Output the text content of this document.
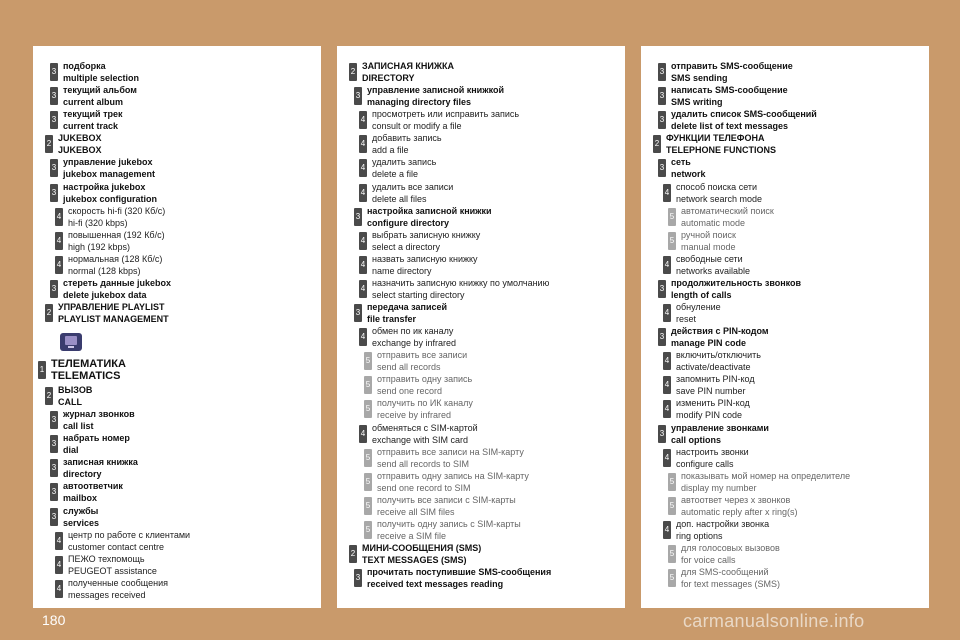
3
подборка
multiple selection
3
текущий альбом
current album
3
текущий трек
current track
2
JUKEBOX
JUKEBOX
3
управление jukebox
jukebox management
3
настройка jukebox
jukebox configuration
4
скорость hi-fi (320 Кб/с)
hi-fi (320 kbps)
4
повышенная (192 Кб/с)
high (192 kbps)
4
нормальная (128 Кб/с)
normal (128 kbps)
3
стереть данные jukebox
delete jukebox data
2
УПРАВЛЕНИЕ PLAYLIST
PLAYLIST MANAGEMENT
1 ТЕЛЕМАТИКА
TELEMATICS
2
ВЫЗОВ
CALL
3
журнал звонков
call list
3
набрать номер
dial
3
записная книжка
directory
3
автоответчик
mailbox
3
службы
services
4
центр по работе с клиентами
customer contact centre
4
ПЕЖО техпомощь
PEUGEOT assistance
4
полученные сообщения
messages received
2
ЗАПИСНАЯ КНИЖКА
DIRECTORY
3
управление записной книжкой
managing directory files
4
просмотреть или исправить запись
consult or modify a file
4
добавить запись
add a file
4
удалить запись
delete a file
4
удалить все записи
delete all files
3
настройка записной книжки
configure directory
4
выбрать записную книжку
select a directory
4
назвать записную книжку
name directory
4
назначить записную книжку по умолчанию
select starting directory
3
передача записей
file transfer
4
обмен по ик каналу
exchange by infrared
5
отправить все записи
send all records
5
отправить одну запись
send one record
5
получить по ИК каналу
receive by infrared
4
обменяться с SIM-картой
exchange with SIM card
5
отправить все записи на SIM-карту
send all records to SIM
5
отправить одну запись на SIM-карту
send one record to SIM
5
получить все записи с SIM-карты
receive all SIM files
5
получить одну запись с SIM-карты
receive a SIM file
2
МИНИ-СООБЩЕНИЯ (SMS)
TEXT MESSAGES (SMS)
3
прочитать поступившие SMS-сообщения
received text messages reading
3
отправить SMS-сообщение
SMS sending
3
написать SMS-сообщение
SMS writing
3
удалить список SMS-сообщений
delete list of text messages
2
ФУНКЦИИ ТЕЛЕФОНА
TELEPHONE FUNCTIONS
3
сеть
network
4
способ поиска сети
network search mode
5
автоматический поиск
automatic mode
5
ручной поиск
manual mode
4
свободные сети
networks available
3
продолжительность звонков
length of calls
4
обнуление
reset
3
действия с PIN-кодом
manage PIN code
4
включить/отключить
activate/deactivate
4
запомнить PIN-код
save PIN number
4
изменить PIN-код
modify PIN code
3
управление звонками
call options
4
настроить звонки
configure calls
5
показывать мой номер на определителе
display my number
5
автоответ через x звонков
automatic reply after x ring(s)
4
доп. настройки звонка
ring options
5
для голосовых вызовов
for voice calls
5
для SMS-сообщений
for text messages (SMS)
180	carmanualsonline.info
